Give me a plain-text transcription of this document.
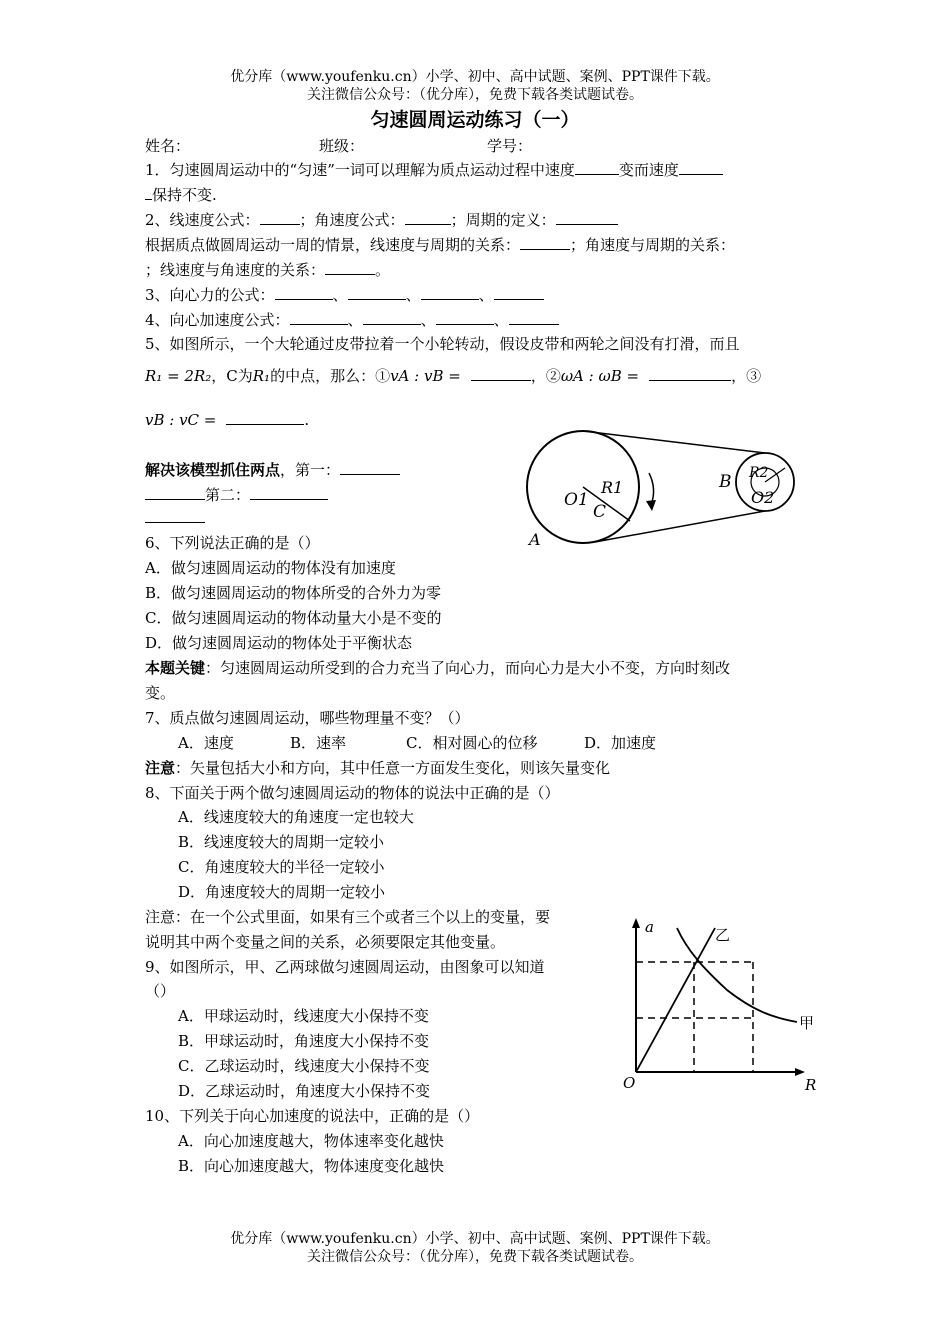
优分库（www.youfenku.cn）小学、初中、高中试题、案例、PPT课件下载。
关注微信公众号：（优分库），免费下载各类试题试卷。
匀速圆周运动练习（一）
姓名：	班级：	学号：
1．匀速圆周运动中的“匀速”一词可以理解为质点运动过程中速度	变而速度
保持不变.
2、线速度公式：	；角速度公式：	；周期的定义：
根据质点做圆周运动一周的情景，线速度与周期的关系：	；角速度与周期的关系：
；线速度与角速度的关系：	。
3、向心力的公式：	、	、	、
4、向心加速度公式：	、	、	、
5、如图所示，一个大轮通过皮带拉着一个小轮转动，假设皮带和两轮之间没有打滑，而且
R₁ = 2R₂，C为R₁的中点，那么：①vA : vB =	，②ωA : ωB =	，③
vB : vC =	.
解决该模型抓住两点，第一：
第二：	O1
R1
C
A
B R2
O2
6、下列说法正确的是（）
A．做匀速圆周运动的物体没有加速度
B．做匀速圆周运动的物体所受的合外力为零
C．做匀速圆周运动的物体动量大小是不变的
D．做匀速圆周运动的物体处于平衡状态
本题关键：匀速圆周运动所受到的合力充当了向心力，而向心力是大小不变，方向时刻改
变。
7、质点做匀速圆周运动，哪些物理量不变？（）
A．速度	B．速率	C．相对圆心的位移	D．加速度
注意：矢量包括大小和方向，其中任意一方面发生变化，则该矢量变化
8、下面关于两个做匀速圆周运动的物体的说法中正确的是（）
A．线速度较大的角速度一定也较大
B．线速度较大的周期一定较小
C．角速度较大的半径一定较小
D．角速度较大的周期一定较小
注意：在一个公式里面，如果有三个或者三个以上的变量，要
说明其中两个变量之间的关系，必须要限定其他变量。
9、如图所示，甲、乙两球做匀速圆周运动，由图象可以知道
（）
A．甲球运动时，线速度大小保持不变
B．甲球运动时，角速度大小保持不变
C．乙球运动时，线速度大小保持不变
D．乙球运动时，角速度大小保持不变
a
O	R
甲
乙
10、下列关于向心加速度的说法中，正确的是（）
A．向心加速度越大，物体速率变化越快
B．向心加速度越大，物体速度变化越快
优分库（www.youfenku.cn）小学、初中、高中试题、案例、PPT课件下载。
关注微信公众号：（优分库），免费下载各类试题试卷。
